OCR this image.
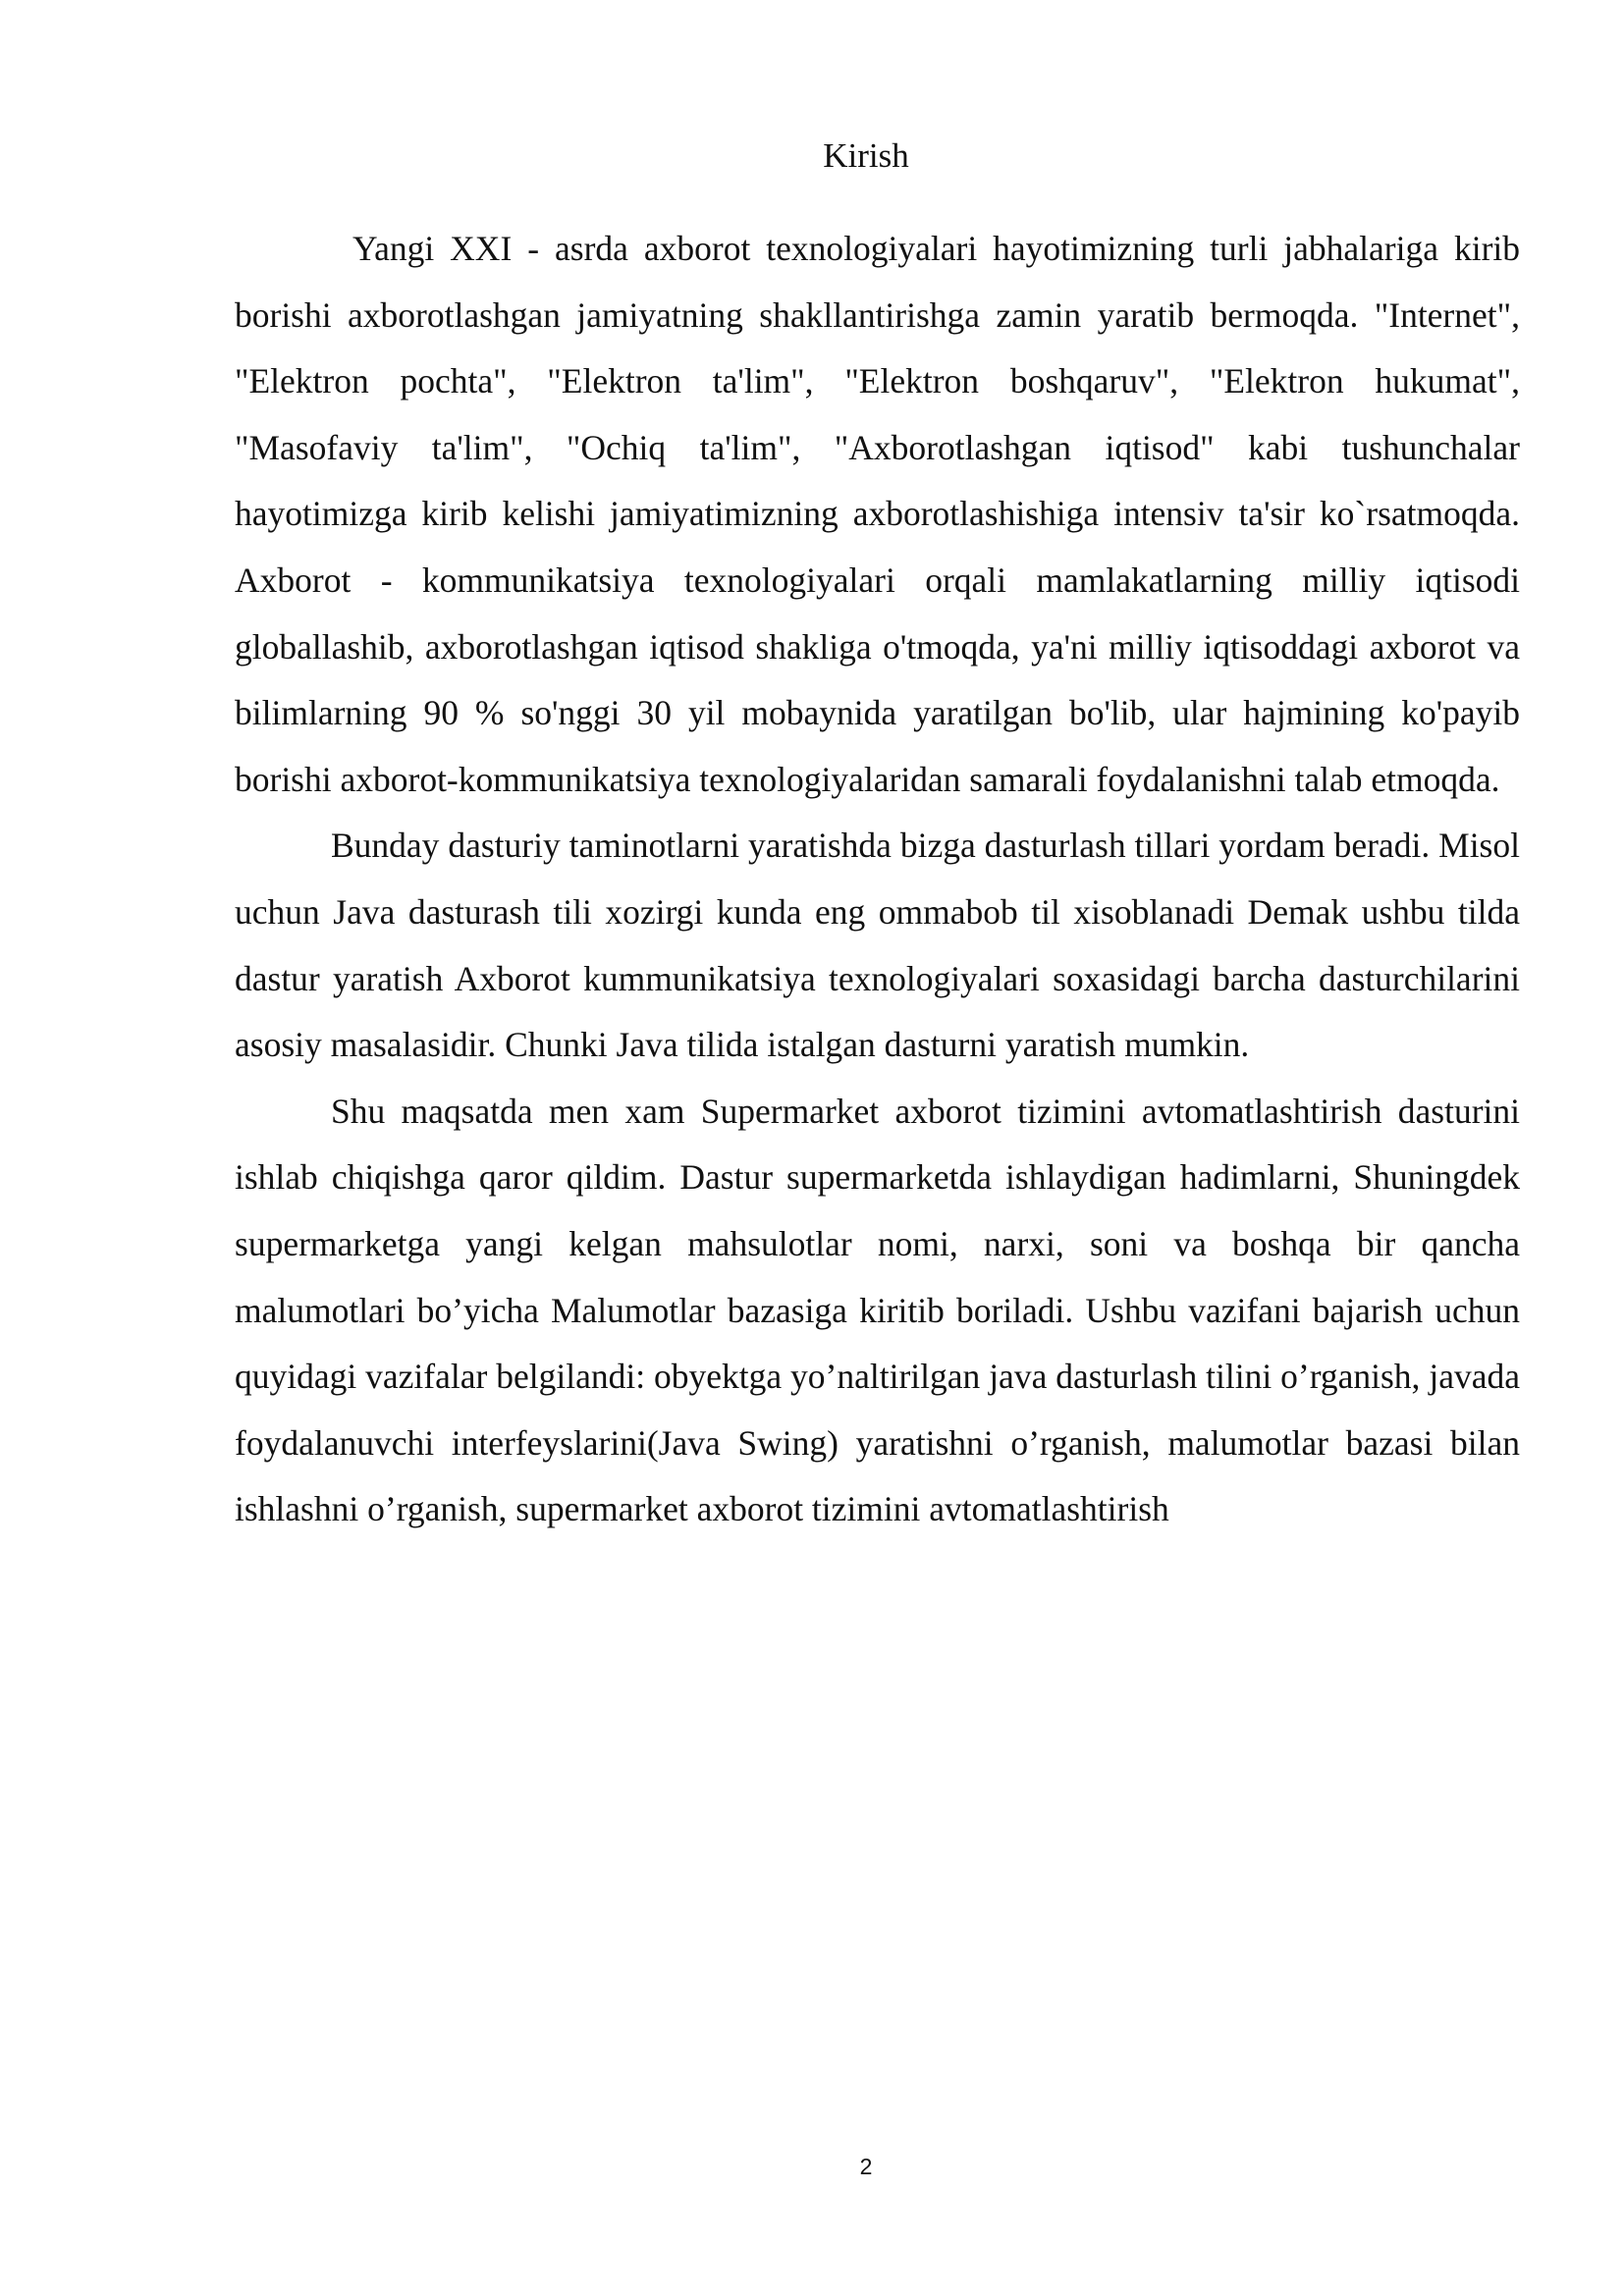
Kirish

Yangi XXI - asrda axborot texnologiyalari hayotimizning turli jabhalariga kirib borishi axborotlashgan jamiyatning shakllantirishga zamin yaratib bermoqda. "Internet", "Elektron pochta", "Elektron ta'lim", "Elektron boshqaruv", "Elektron hukumat", "Masofaviy ta'lim", "Ochiq ta'lim", "Axborotlashgan iqtisod" kabi tushunchalar hayotimizga kirib kelishi jamiyatimizning axborotlashishiga intensiv ta'sir ko`rsatmoqda. Axborot - kommunikatsiya texnologiyalari orqali mamlakatlarning milliy iqtisodi globallashib, axborotlashgan iqtisod shakliga o'tmoqda, ya'ni milliy iqtisoddagi axborot va bilimlarning 90 % so'nggi 30 yil mobaynida yaratilgan bo'lib, ular hajmining ko'payib borishi axborot-kommunikatsiya texnologiyalaridan samarali foydalanishni talab etmoqda.

Bunday dasturiy taminotlarni yaratishda bizga dasturlash tillari yordam beradi. Misol uchun Java dasturash tili xozirgi kunda eng ommabob til xisoblanadi Demak ushbu tilda dastur yaratish Axborot kummunikatsiya texnologiyalari soxasidagi barcha dasturchilarini asosiy masalasidir. Chunki Java tilida istalgan dasturni yaratish mumkin.

Shu maqsatda men xam Supermarket axborot tizimini avtomatlashtirish dasturini ishlab chiqishga qaror qildim. Dastur supermarketda ishlaydigan hadimlarni, Shuningdek supermarketga yangi kelgan mahsulotlar nomi, narxi, soni va boshqa bir qancha malumotlari bo’yicha Malumotlar bazasiga kiritib boriladi. Ushbu vazifani bajarish uchun quyidagi vazifalar belgilandi: obyektga yo’naltirilgan java dasturlash tilini o’rganish, javada foydalanuvchi interfeyslarini(Java Swing) yaratishni o’rganish, malumotlar bazasi bilan ishlashni o’rganish, supermarket axborot tizimini avtomatlashtirish

2
